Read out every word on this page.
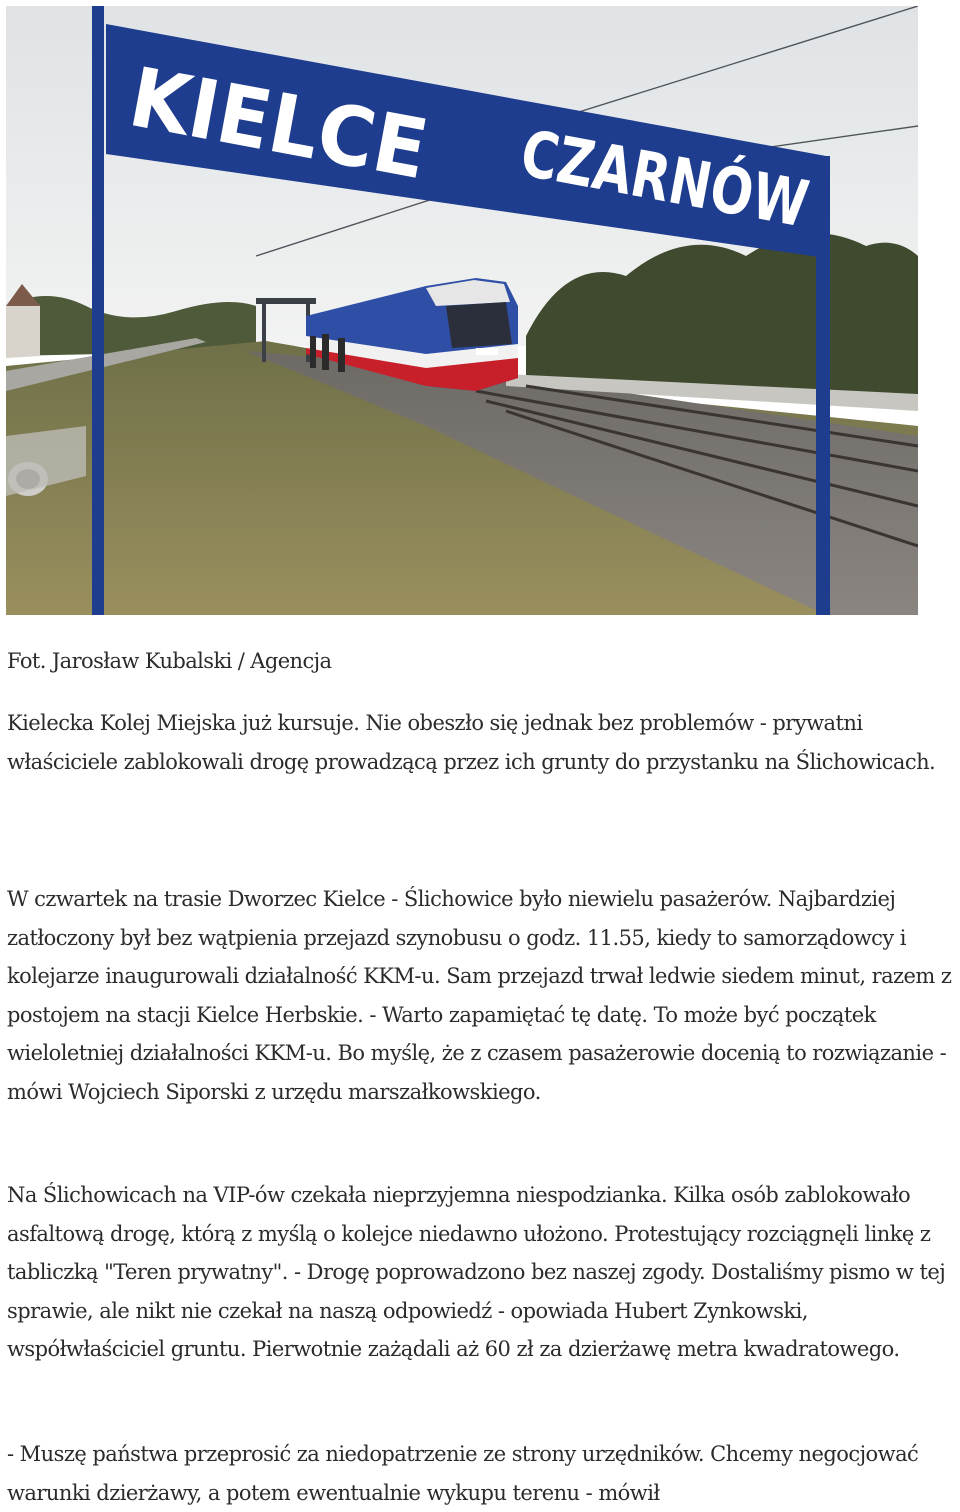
KIELCE CZARNÓW
Fot. Jarosław Kubalski / Agencja

Kielecka Kolej Miejska już kursuje. Nie obeszło się jednak bez problemów - prywatni właściciele zablokowali drogę prowadzącą przez ich grunty do przystanku na Ślichowicach.

W czwartek na trasie Dworzec Kielce - Ślichowice było niewielu pasażerów. Najbardziej zatłoczony był bez wątpienia przejazd szynobusu o godz. 11.55, kiedy to samorządowcy i kolejarze inaugurowali działalność KKM-u. Sam przejazd trwał ledwie siedem minut, razem z postojem na stacji Kielce Herbskie. - Warto zapamiętać tę datę. To może być początek wieloletniej działalności KKM-u. Bo myślę, że z czasem pasażerowie docenią to rozwiązanie - mówi Wojciech Siporski z urzędu marszałkowskiego.

Na Ślichowicach na VIP-ów czekała nieprzyjemna niespodzianka. Kilka osób zablokowało asfaltową drogę, którą z myślą o kolejce niedawno ułożono. Protestujący rozciągnęli linkę z tabliczką "Teren prywatny". - Drogę poprowadzono bez naszej zgody. Dostaliśmy pismo w tej sprawie, ale nikt nie czekał na naszą odpowiedź - opowiada Hubert Zynkowski, współwłaściciel gruntu. Pierwotnie zażądali aż 60 zł za dzierżawę metra kwadratowego.

- Muszę państwa przeprosić za niedopatrzenie ze strony urzędników. Chcemy negocjować warunki dzierżawy, a potem ewentualnie wykupu terenu - mówił
